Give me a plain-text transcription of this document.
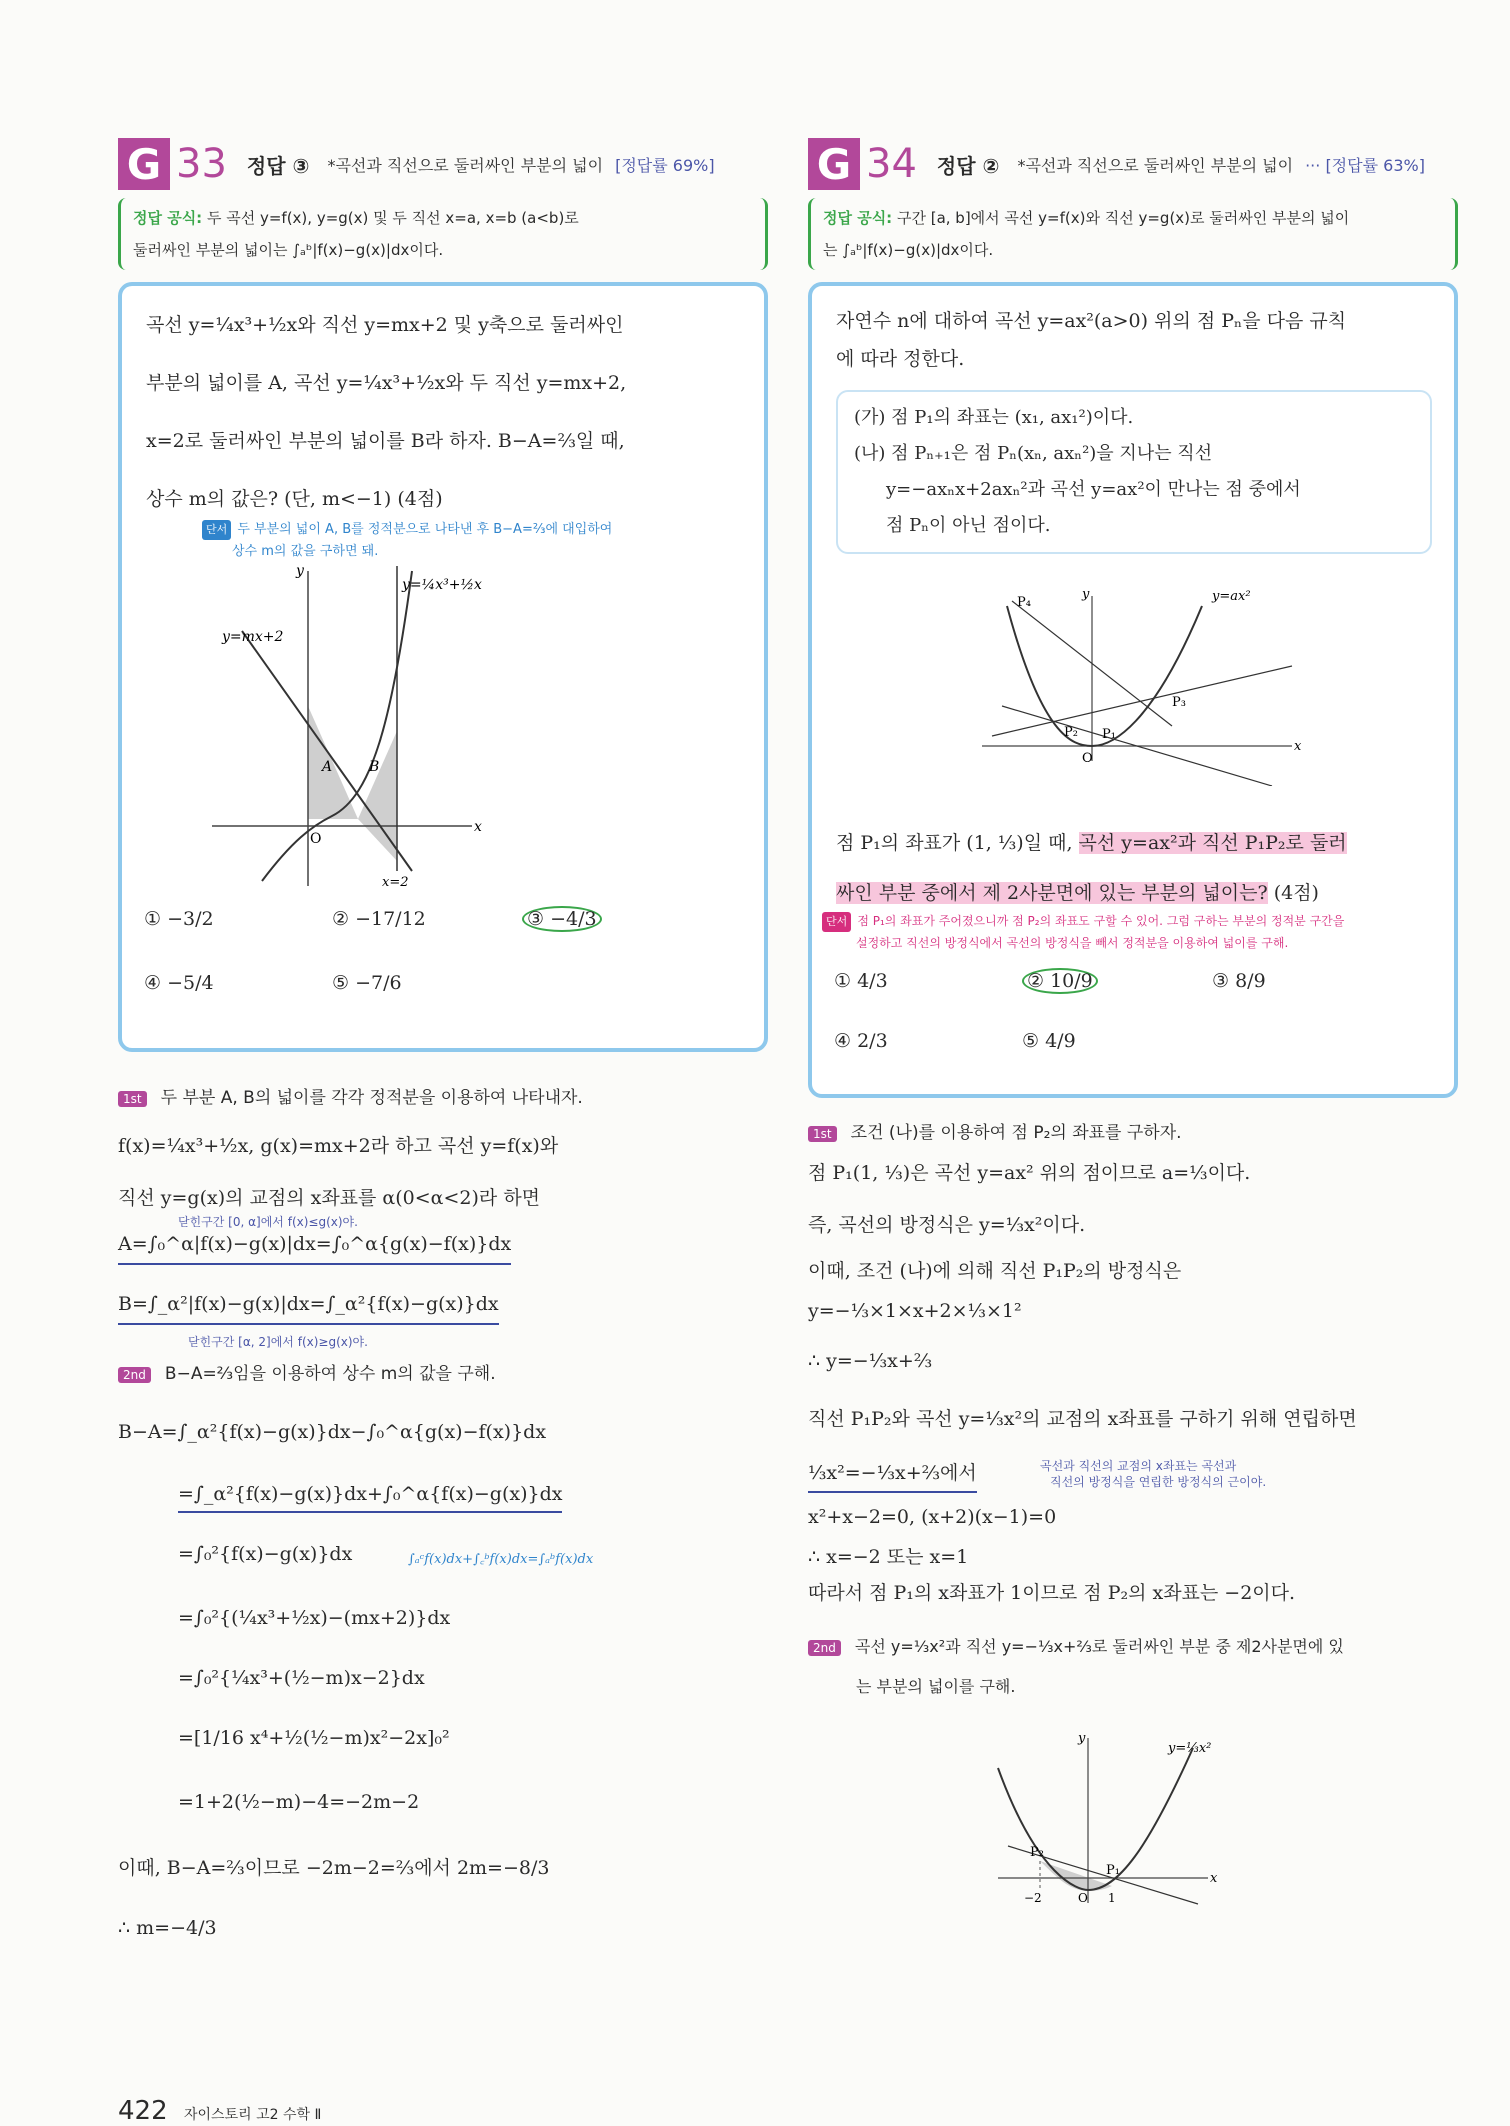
G 33 정답 ③ *곡선과 직선으로 둘러싸인 부분의 넓이 [정답률 69%]
정답 공식: 두 곡선 y=f(x), y=g(x) 및 두 직선 x=a, x=b (a<b)로
둘러싸인 부분의 넓이는 ∫ₐᵇ|f(x)−g(x)|dx이다.
곡선 y=¼x³+½x와 직선 y=mx+2 및 y축으로 둘러싸인
부분의 넓이를 A, 곡선 y=¼x³+½x와 두 직선 y=mx+2,
x=2로 둘러싸인 부분의 넓이를 B라 하자. B−A=⅔일 때,
상수 m의 값은? (단, m<−1) (4점)
단서 두 부분의 넓이 A, B를 정적분으로 나타낸 후 B−A=⅔에 대입하여
상수 m의 값을 구하면 돼.
y=¼x³+½x
y=mx+2
x=2
A	B
O
x
y
① −3/2	② −17/12	③ −4/3
④ −5/4	⑤ −7/6
1st 두 부분 A, B의 넓이를 각각 정적분을 이용하여 나타내자.
f(x)=¼x³+½x, g(x)=mx+2라 하고 곡선 y=f(x)와
직선 y=g(x)의 교점의 x좌표를 α(0<α<2)라 하면
닫힌구간 [0, α]에서 f(x)≤g(x)야.
A=∫₀^α|f(x)−g(x)|dx=∫₀^α{g(x)−f(x)}dx
B=∫_α²|f(x)−g(x)|dx=∫_α²{f(x)−g(x)}dx
닫힌구간 [α, 2]에서 f(x)≥g(x)야.
2nd B−A=⅔임을 이용하여 상수 m의 값을 구해.
B−A=∫_α²{f(x)−g(x)}dx−∫₀^α{g(x)−f(x)}dx
=∫_α²{f(x)−g(x)}dx+∫₀^α{f(x)−g(x)}dx
=∫₀²{f(x)−g(x)}dx	∫ₐᶜf(x)dx+∫꜀ᵇf(x)dx=∫ₐᵇf(x)dx
=∫₀²{(¼x³+½x)−(mx+2)}dx
=∫₀²{¼x³+(½−m)x−2}dx
=[1/16 x⁴+½(½−m)x²−2x]₀²
=1+2(½−m)−4=−2m−2
이때, B−A=⅔이므로 −2m−2=⅔에서 2m=−8/3
∴ m=−4/3
422 자이스토리 고2 수학 Ⅱ
G 34 정답 ② *곡선과 직선으로 둘러싸인 부분의 넓이 ··· [정답률 63%]
정답 공식: 구간 [a, b]에서 곡선 y=f(x)와 직선 y=g(x)로 둘러싸인 부분의 넓이
는 ∫ₐᵇ|f(x)−g(x)|dx이다.
자연수 n에 대하여 곡선 y=ax²(a>0) 위의 점 Pₙ을 다음 규칙
에 따라 정한다.
(가) 점 P₁의 좌표는 (x₁, ax₁²)이다.
(나) 점 Pₙ₊₁은 점 Pₙ(xₙ, axₙ²)을 지나는 직선
y=−axₙx+2axₙ²과 곡선 y=ax²이 만나는 점 중에서
점 Pₙ이 아닌 점이다.
P₄
P₃
P₂ P₁
O
x
y	y=ax²
점 P₁의 좌표가 (1, ⅓)일 때, 곡선 y=ax²과 직선 P₁P₂로 둘러
싸인 부분 중에서 제 2사분면에 있는 부분의 넓이는? (4점)
단서 점 P₁의 좌표가 주어졌으니까 점 P₂의 좌표도 구할 수 있어. 그럼 구하는 부분의 정적분 구간을
설정하고 직선의 방정식에서 곡선의 방정식을 빼서 정적분을 이용하여 넓이를 구해.
① 4/3	② 10/9	③ 8/9
④ 2/3	⑤ 4/9
1st 조건 (나)를 이용하여 점 P₂의 좌표를 구하자.
점 P₁(1, ⅓)은 곡선 y=ax² 위의 점이므로 a=⅓이다.
즉, 곡선의 방정식은 y=⅓x²이다.
이때, 조건 (나)에 의해 직선 P₁P₂의 방정식은
y=−⅓×1×x+2×⅓×1²
∴ y=−⅓x+⅔
직선 P₁P₂와 곡선 y=⅓x²의 교점의 x좌표를 구하기 위해 연립하면
⅓x²=−⅓x+⅔에서	곡선과 직선의 교점의 x좌표는 곡선과
직선의 방정식을 연립한 방정식의 근이야.
x²+x−2=0, (x+2)(x−1)=0
∴ x=−2 또는 x=1
따라서 점 P₁의 x좌표가 1이므로 점 P₂의 x좌표는 −2이다.
2nd 곡선 y=⅓x²과 직선 y=−⅓x+⅔로 둘러싸인 부분 중 제2사분면에 있
는 부분의 넓이를 구해.
P₂
P₁
−2	O 1
x
y
y=⅓x²
